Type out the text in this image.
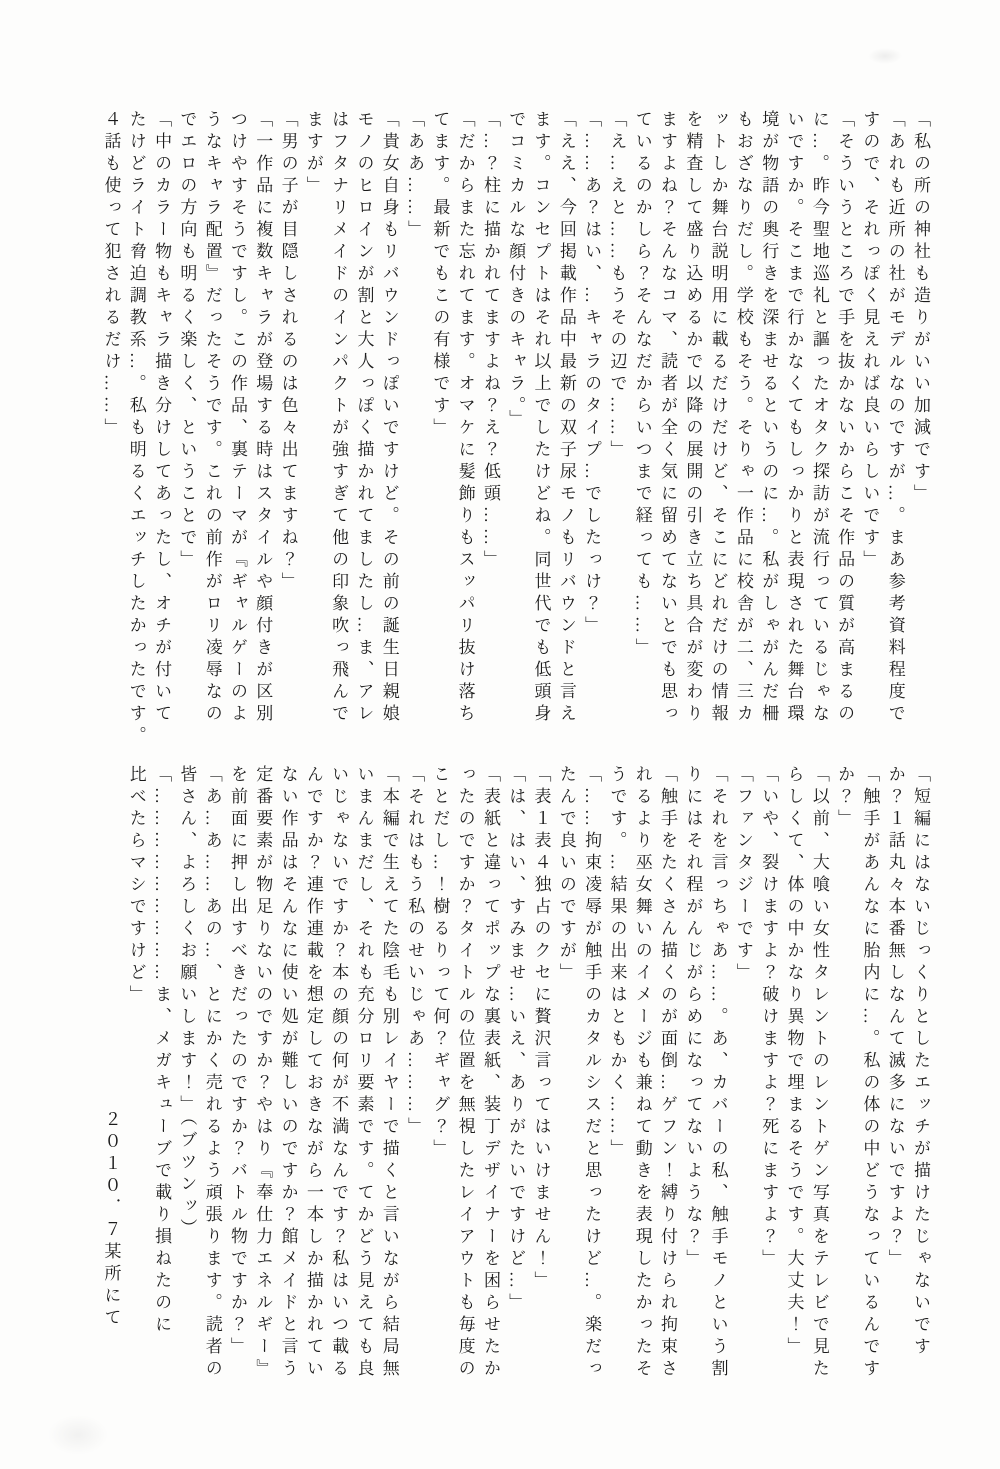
「私の所の神社も造りがいい加減です」

「あれも近所の社がモデルなのですが…。まあ参考資料程度で

すので、それっぽく見えれば良いらしいです」

「そういうところで手を抜かないからこそ作品の質が高まるの

に…。昨今聖地巡礼と謳ったオタク探訪が流行っているじゃな

いですか。そこまで行かなくてもしっかりと表現された舞台環

境が物語の奥行きを深ませるというのに…。私がしゃがんだ柵

もおざなりだし。学校もそう。そりゃ一作品に校舎が二、三カ

ットしか舞台説明用に載るだけだけど、そこにどれだけの情報

を精査して盛り込めるかで以降の展開の引き立ち具合が変わり

ますよね？そんなコマ、読者が全く気に留めてないとでも思っ

ているのかしら？そんなだからいつまで経っても……」

「え…えと……もうその辺で……」

「……あ？はい、…キャラのタイプ…でしたっけ？」

「ええ、今回掲載作品中最新の双子尿モノもリバウンドと言え

ます。コンセプトはそれ以上でしたけどね。同世代でも低頭身

でコミカルな顔付きのキャラ。」

「…？柱に描かれてますよね？え？低頭……」

「だからまた忘れてます。オマケに髪飾りもスッパリ抜け落ち

てます。最新でもこの有様です」

「ああ……」

「貴女自身もリバウンドっぽいですけど。その前の誕生日親娘

モノのヒロインが割と大人っぽく描かれてましたし…ま、アレ

はフタナリメイドのインパクトが強すぎて他の印象吹っ飛んで

ますが」

「男の子が目隠しされるのは色々出てますね？」

「一作品に複数キャラが登場する時はスタイルや顔付きが区別

つけやすそうですし。この作品、裏テーマが『ギャルゲーのよ

うなキャラ配置』だったそうです。これの前作がロリ凌辱なの

でエロの方向も明るく楽しく、ということで」

「中のカラー物もキャラ描き分けしてあったし、オチが付いて

たけどライト脅迫調教系…。私も明るくエッチしたかったです。

４話も使って犯されるだけ……」

「短編にはないじっくりとしたエッチが描けたじゃないです

か？１話丸々本番無しなんて滅多にないですよ？」

「触手があんなに胎内に…。私の体の中どうなっているんです

か？」

「以前、大喰い女性タレントのレントゲン写真をテレビで見た

らしくて、体の中かなり異物で埋まるそうです。大丈夫！」

「いや、裂けますよ？破けますよ？死にますよ？」

「ファンタジーです」

「それを言っちゃあ……。あ、カバーの私、触手モノという割

りにはそれ程がんじがらめになってないような？」

「触手をたくさん描くのが面倒…ゲフン！縛り付けられ拘束さ

れるより巫女舞いのイメージも兼ねて動きを表現したかったそ

うです。…結果の出来はともかく……」

「……拘束凌辱が触手のカタルシスだと思ったけど…。楽だっ

たんで良いのですが」

「表１表４独占のクセに贅沢言ってはいけません！」

「は、はい、すみませ…いえ、ありがたいですけど…」

「表紙と違ってポップな裏表紙、装丁デザイナーを困らせたか

ったのですか？タイトルの位置を無視したレイアウトも毎度の

ことだし…！樹るりって何？ギャグ？」

「それはもう私のせいじゃあ………」

「本編で生えてた陰毛も別レイヤーで描くと言いながら結局無

いまんまだし、それも充分ロリ要素です。てかどう見えても良

いじゃないですか？本の顔の何が不満なんです？私はいつ載る

んですか？連作連載を想定しておきながら一本しか描かれてい

ない作品はそんなに使い処が難しいのですか？館メイドと言う

定番要素が物足りないのですか？やはり『奉仕力エネルギー』

を前面に押し出すべきだったのですか？バトル物ですか？」

「あ…あ……あの…、とにかく売れるよう頑張ります。読者の

皆さん、よろしくお願いします！」（ブツンッ）

「………………………ま、メガキューブで載り損ねたのに

比べたらマシですけど」

２０１０．７某所にて
